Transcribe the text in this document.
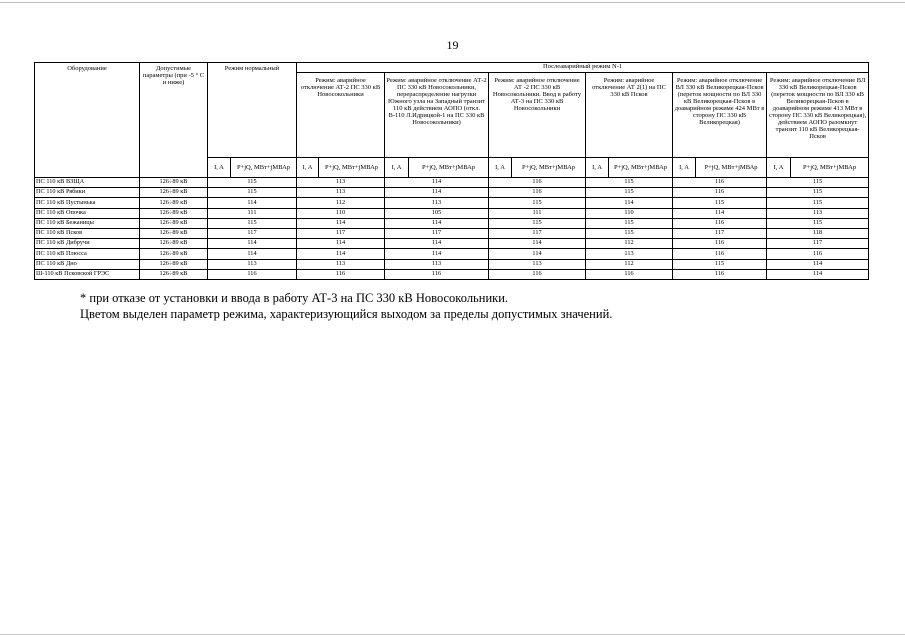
19
Оборудование	Допустимые параметры (при -5 ° С и ниже)	Режим нормальный		Послеаварийный режим N-1											
				Режим: аварийное отключение АТ-2 ПС 330 кВ Новосокольники		Режим: аварийное отключение АТ-2 ПС 330 кВ Новосокольники, перераспределение нагрузки Южного узла на Западный транзит 110 кВ действием АОПО (откл. В-110 Л.Идрицкой-1 на ПС 330 кВ Новосокольники)		Режим: аварийное отключение АТ -2 ПС 330 кВ Новосокольники. Ввод в работу АТ-3 на ПС 330 кВ Новосокольники		Режим: аварийное отключение АТ 2(1) на ПС 330 кВ Псков		Режим: аварийное отключение ВЛ 330 кВ Великорецкая-Псков (переток мощности по ВЛ 330 кВ Великорецкая-Псков в доаварийном режиме 424 МВт в сторону ПС 330 кВ Великорецкая)		Режим: аварийное отключение ВЛ 330 кВ Великорецкая-Псков (переток мощности по ВЛ 330 кВ Великорецкая-Псков в доаварийном режиме 413 МВт в сторону ПС 330 кВ Великорецкая), действием АОПО разомкнут транзит 110 кВ Великорецкая-Псков	
		I, A	P+jQ, МВт+jМВАр	I, A	P+jQ, МВт+jМВАр	I, A	P+jQ, МВт+jМВАр	I, A	P+jQ, МВт+jМВАр	I, A	P+jQ, МВт+jМВАр	I, A	P+jQ, МВт+jМВАр	I, A	P+jQ, МВт+jМВАр
ПС 110 кВ ВЗЩА	126÷89 кВ	115		113		114		116		115		116		115	
ПС 110 кВ Рябики	126÷89 кВ	115		113		114		116		115		116		115	
ПС 110 кВ Пустынька	126÷89 кВ	114		112		113		115		114		115		115	
ПС 110 кВ Опочка	126÷89 кВ	111		110		105		111		110		114		113	
ПС 110 кВ Бежаницы	126÷89 кВ	115		114		114		115		115		116		115	
ПС 110 кВ Псков	126÷89 кВ	117		117		117		117		115		117		118	
ПС 110 кВ Дибручи	126÷89 кВ	114		114		114		114		112		116		117	
ПС 110 кВ Плюсса	126÷89 кВ	114		114		114		114		113		116		116	
ПС 110 кВ Дно	126÷89 кВ	113		113		113		113		112		115		114	
Ш-110 кВ Псковской ГРЭС	126÷89 кВ	116		116		116		116		116		116		114	
* при отказе от установки и ввода в работу АТ-3 на ПС 330 кВ Новосокольники.
Цветом выделен параметр режима, характеризующийся выходом за пределы допустимых значений.
